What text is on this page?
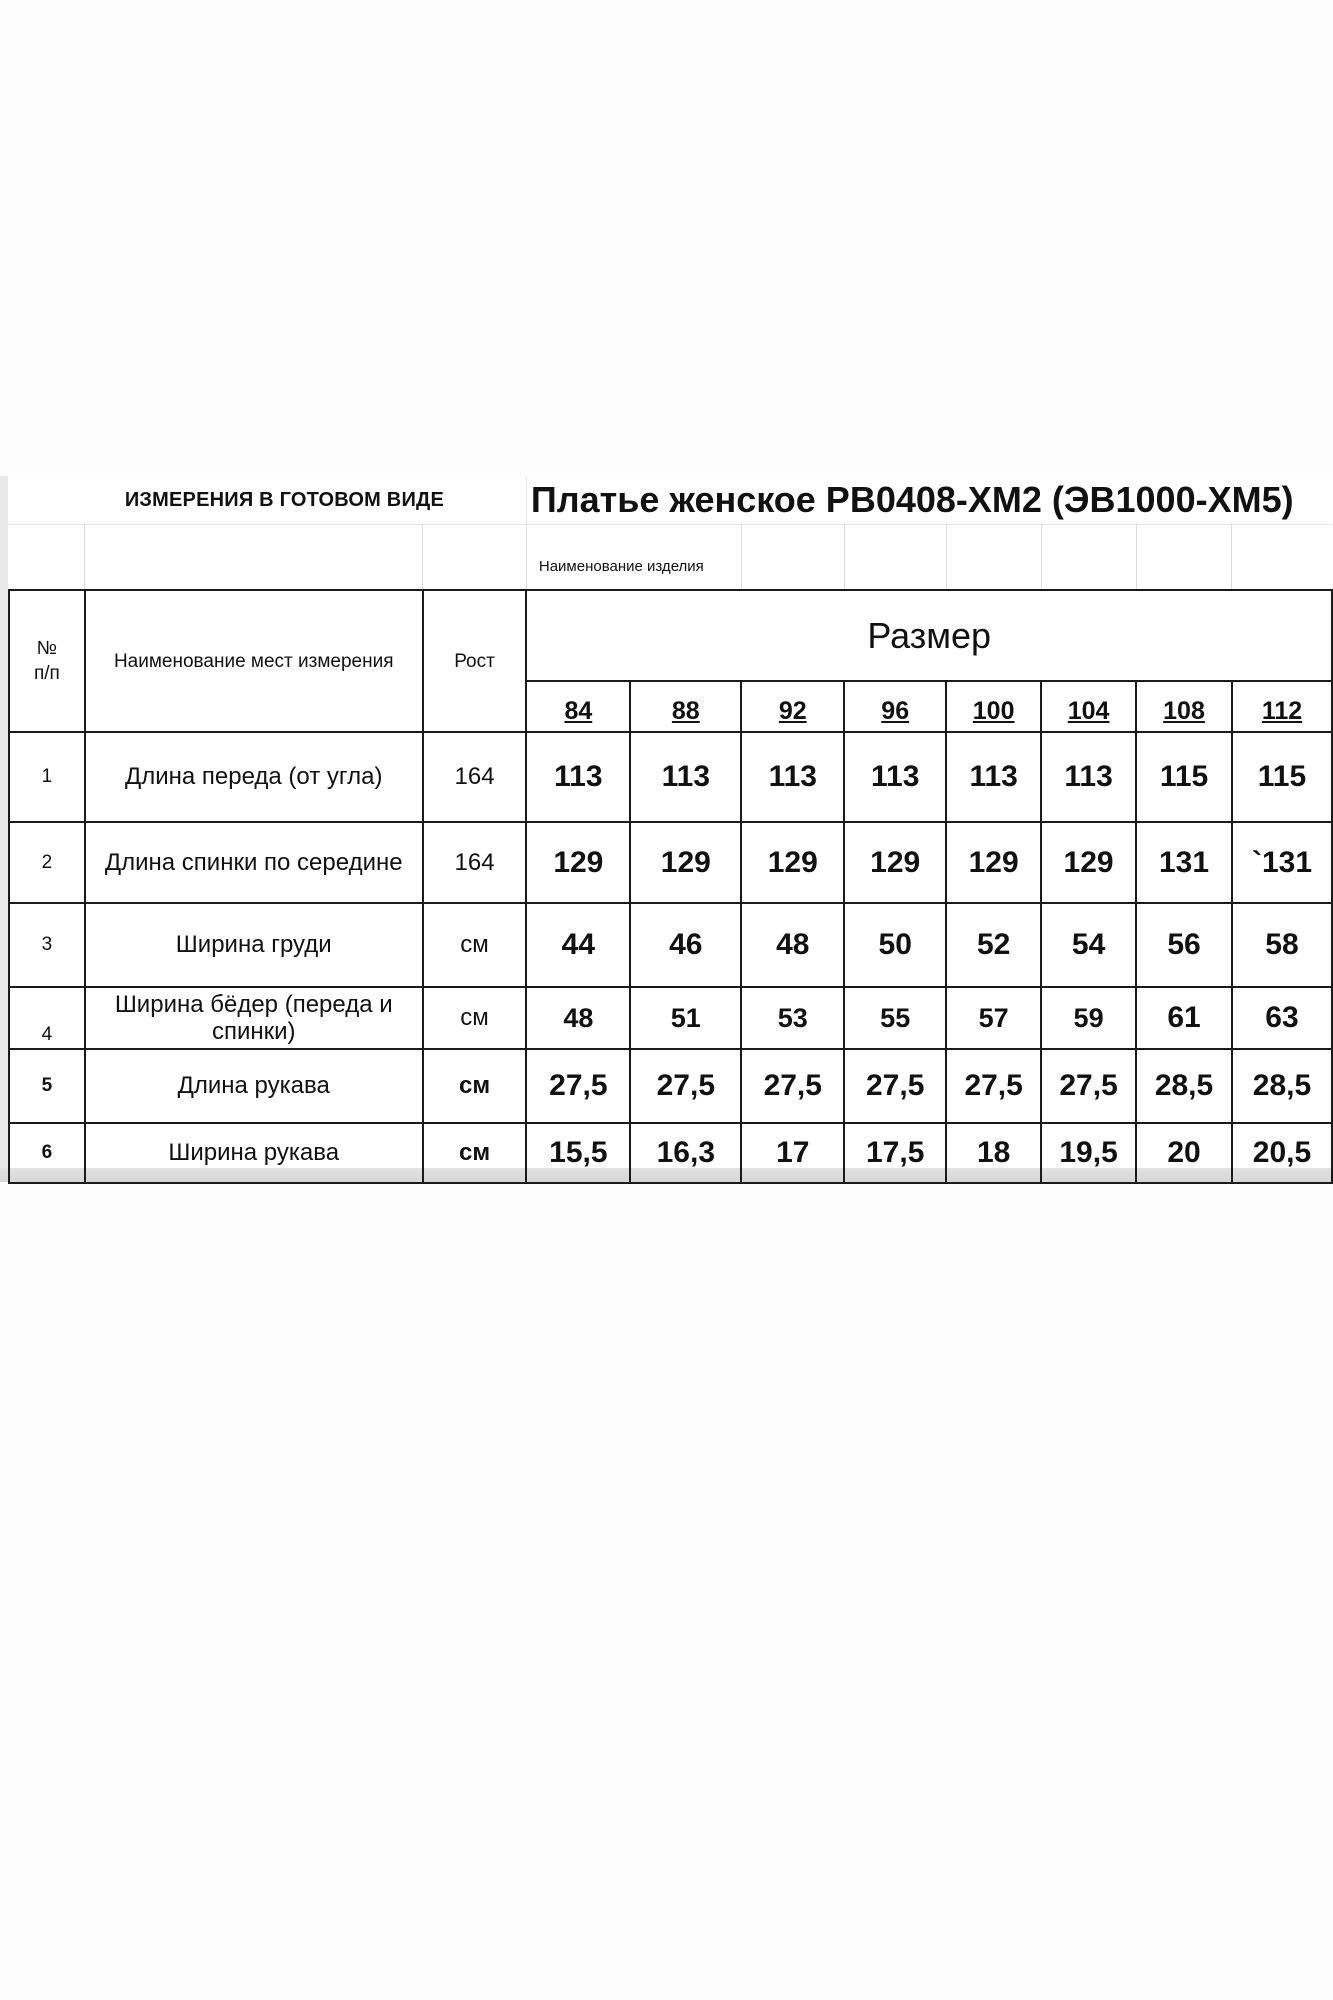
ИЗМЕРЕНИЯ В ГОТОВОМ ВИДЕ			Платье женское РВ0408-ХМ2 (ЭВ1000-ХМ5)							
			Наименование изделия							
№ п/п	Наименование мест измерения	Рост	Размер							
			84	88	92	96	100	104	108	112
1	Длина переда (от угла)	164	113	113	113	113	113	113	115	115
2	Длина спинки по середине	164	129	129	129	129	129	129	131	`131
3	Ширина груди	см	44	46	48	50	52	54	56	58
4	Ширина бёдер (переда и спинки)	см	48	51	53	55	57	59	61	63
5	Длина рукава	см	27,5	27,5	27,5	27,5	27,5	27,5	28,5	28,5
6	Ширина рукава	см	15,5	16,3	17	17,5	18	19,5	20	20,5
